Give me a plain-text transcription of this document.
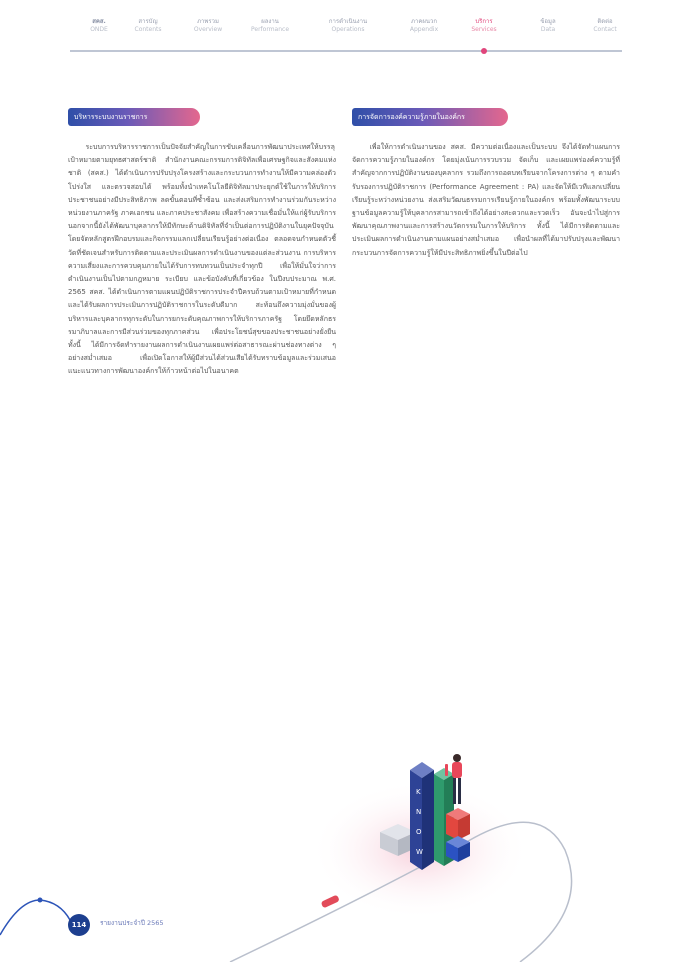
สคส.
ONDE
สารบัญ
Contents
ภาพรวม
Overview
ผลงาน
Performance
การดำเนินงาน
Operations
ภาคผนวก
Appendix
บริการ
Services
ข้อมูล
Data
ติดต่อ
Contact
บริหารระบบงานราชการ

ระบบการบริหารราชการเป็นปัจจัยสำคัญในการขับเคลื่อนการพัฒนาประเทศให้บรรลุเป้าหมายตามยุทธศาสตร์ชาติ สำนักงานคณะกรรมการดิจิทัลเพื่อเศรษฐกิจและสังคมแห่งชาติ (สคส.) ได้ดำเนินการปรับปรุงโครงสร้างและกระบวนการทำงานให้มีความคล่องตัว โปร่งใส และตรวจสอบได้ พร้อมทั้งนำเทคโนโลยีดิจิทัลมาประยุกต์ใช้ในการให้บริการประชาชนอย่างมีประสิทธิภาพ ลดขั้นตอนที่ซ้ำซ้อน และส่งเสริมการทำงานร่วมกันระหว่างหน่วยงานภาครัฐ ภาคเอกชน และภาคประชาสังคม เพื่อสร้างความเชื่อมั่นให้แก่ผู้รับบริการ นอกจากนี้ยังได้พัฒนาบุคลากรให้มีทักษะด้านดิจิทัลที่จำเป็นต่อการปฏิบัติงานในยุคปัจจุบัน โดยจัดหลักสูตรฝึกอบรมและกิจกรรมแลกเปลี่ยนเรียนรู้อย่างต่อเนื่อง ตลอดจนกำหนดตัวชี้วัดที่ชัดเจนสำหรับการติดตามและประเมินผลการดำเนินงานของแต่ละส่วนงาน การบริหารความเสี่ยงและการควบคุมภายในได้รับการทบทวนเป็นประจำทุกปี เพื่อให้มั่นใจว่าการดำเนินงานเป็นไปตามกฎหมาย ระเบียบ และข้อบังคับที่เกี่ยวข้อง ในปีงบประมาณ พ.ศ. 2565 สคส. ได้ดำเนินการตามแผนปฏิบัติราชการประจำปีครบถ้วนตามเป้าหมายที่กำหนด และได้รับผลการประเมินการปฏิบัติราชการในระดับดีมาก สะท้อนถึงความมุ่งมั่นของผู้บริหารและบุคลากรทุกระดับในการยกระดับคุณภาพการให้บริการภาครัฐ โดยยึดหลักธรรมาภิบาลและการมีส่วนร่วมของทุกภาคส่วน เพื่อประโยชน์สุขของประชาชนอย่างยั่งยืน ทั้งนี้ ได้มีการจัดทำรายงานผลการดำเนินงานเผยแพร่ต่อสาธารณะผ่านช่องทางต่าง ๆ อย่างสม่ำเสมอ เพื่อเปิดโอกาสให้ผู้มีส่วนได้ส่วนเสียได้รับทราบข้อมูลและร่วมเสนอแนะแนวทางการพัฒนาองค์กรให้ก้าวหน้าต่อไปในอนาคต

การจัดการองค์ความรู้ภายในองค์กร

เพื่อให้การดำเนินงานของ สคส. มีความต่อเนื่องและเป็นระบบ จึงได้จัดทำแผนการจัดการความรู้ภายในองค์กร โดยมุ่งเน้นการรวบรวม จัดเก็บ และเผยแพร่องค์ความรู้ที่สำคัญจากการปฏิบัติงานของบุคลากร รวมถึงการถอดบทเรียนจากโครงการต่าง ๆ ตามคำรับรองการปฏิบัติราชการ (Performance Agreement : PA) และจัดให้มีเวทีแลกเปลี่ยนเรียนรู้ระหว่างหน่วยงาน ส่งเสริมวัฒนธรรมการเรียนรู้ภายในองค์กร พร้อมทั้งพัฒนาระบบฐานข้อมูลความรู้ให้บุคลากรสามารถเข้าถึงได้อย่างสะดวกและรวดเร็ว อันจะนำไปสู่การพัฒนาคุณภาพงานและการสร้างนวัตกรรมในการให้บริการ ทั้งนี้ ได้มีการติดตามและประเมินผลการดำเนินงานตามแผนอย่างสม่ำเสมอ เพื่อนำผลที่ได้มาปรับปรุงและพัฒนากระบวนการจัดการความรู้ให้มีประสิทธิภาพยิ่งขึ้นในปีต่อไป

K
N
O
W
114	รายงานประจำปี 2565
